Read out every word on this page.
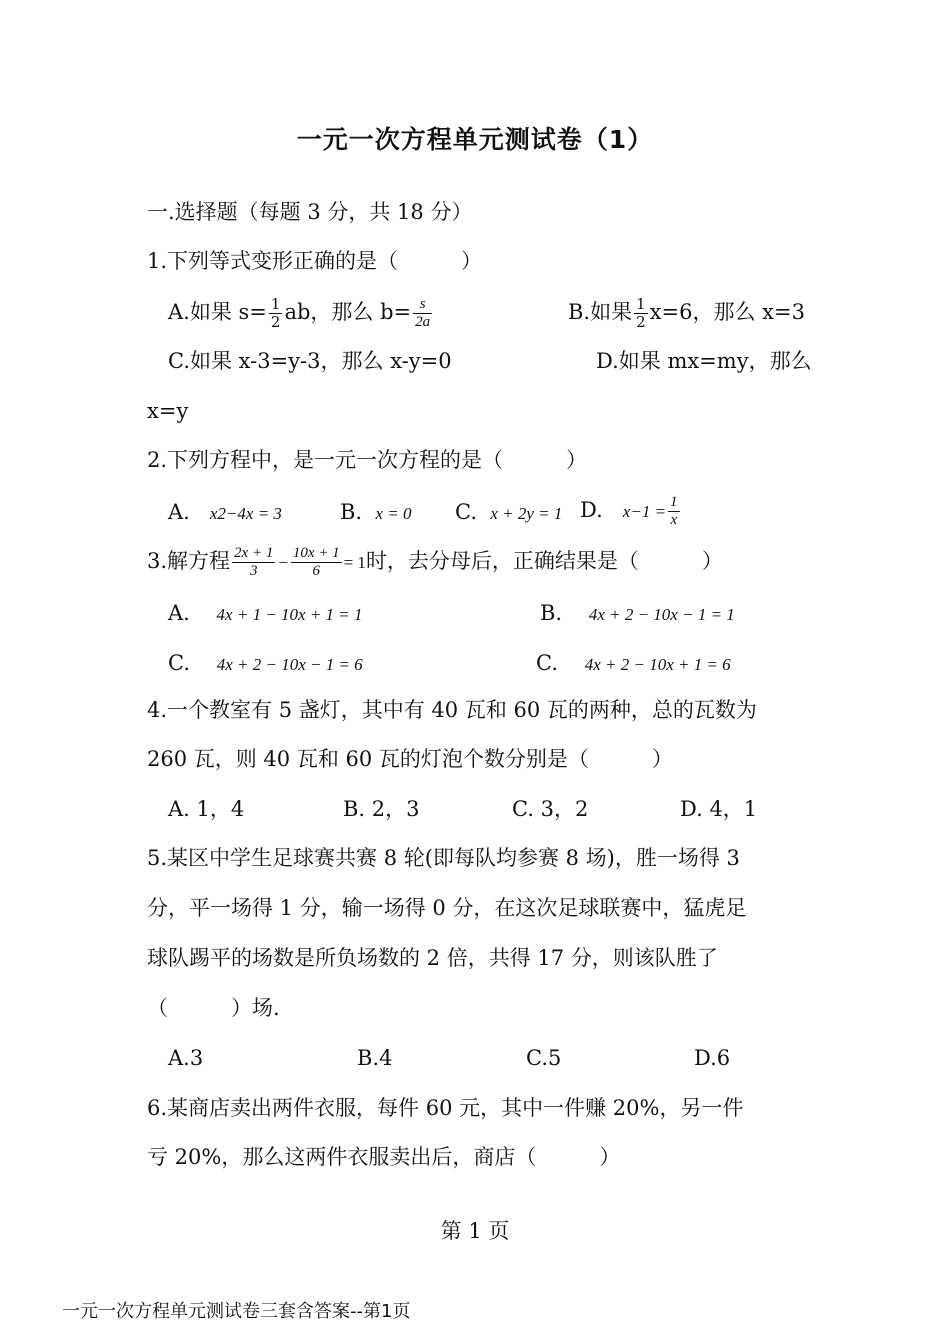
一元一次方程单元测试卷（1）
一.选择题（每题 3 分，共 18 分）
1.下列等式变形正确的是（　　　）
A.如果 $s= \frac{1}{2}$ ab，那么 $b= \frac{s}{2a}$	B.如果 $\frac{1}{2} x=6$，那么 x=3
C.如果 x-3=y-3，那么 x-y=0	D.如果 mx=my，那么
x=y
2.下列方程中，是一元一次方程的是（　　　）
A. x2−4x = 3	B. x = 0 C. x + 2y = 1 D. $x-1 = \frac{1}{x}$
3.解方程 $\frac{2x + 1}{3} - \frac{10x + 1}{6} = 1$时，去分母后，正确结果是（　　　）
A. 4x + 1 − 10x + 1 = 1	B. 4x + 2 − 10x − 1 = 1
C. 4x + 2 − 10x − 1 = 6	C. 4x + 2 − 10x + 1 = 6
4.一个教室有 5 盏灯，其中有 40 瓦和 60 瓦的两种，总的瓦数为
260 瓦，则 40 瓦和 60 瓦的灯泡个数分别是（　　　）
A. 1，4	B. 2，3	C. 3，2	D. 4，1
5.某区中学生足球赛共赛 8 轮(即每队均参赛 8 场)，胜一场得 3
分，平一场得 1 分，输一场得 0 分，在这次足球联赛中，猛虎足
球队踢平的场数是所负场数的 2 倍，共得 17 分，则该队胜了
（　　　）场.
A.3	B.4	C.5	D.6
6.某商店卖出两件衣服，每件 60 元，其中一件赚 20%，另一件
亏 20%，那么这两件衣服卖出后，商店（　　　）
第 1 页
一元一次方程单元测试卷三套含答案--第1页
